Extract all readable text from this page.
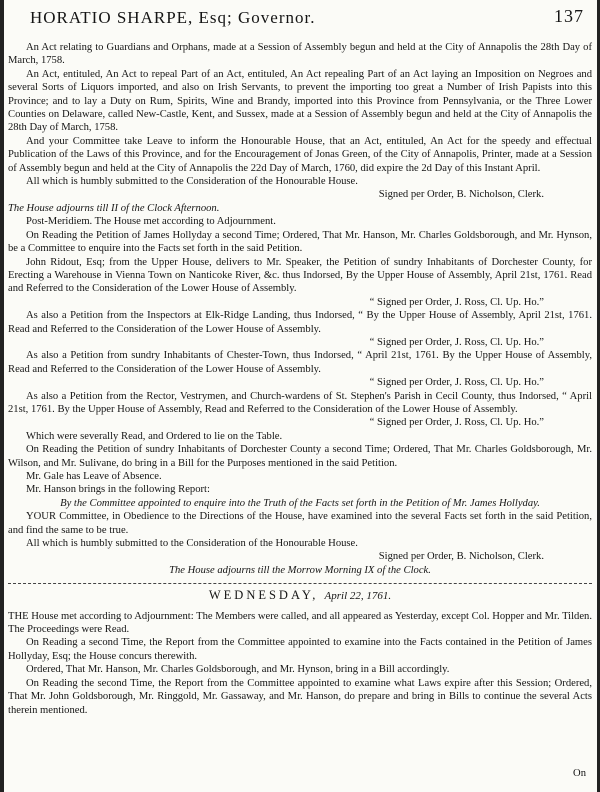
HORATIO SHARPE, Esq; Governor.	137

An Act relating to Guardians and Orphans, made at a Session of Assembly begun and held at the City of Annapolis the 28th Day of March, 1758.

An Act, entituled, An Act to repeal Part of an Act, entituled, An Act repealing Part of an Act laying an Imposition on Negroes and several Sorts of Liquors imported, and also on Irish Servants, to prevent the importing too great a Number of Irish Papists into this Province; and to lay a Duty on Rum, Spirits, Wine and Brandy, imported into this Province from Pennsylvania, or the Three Lower Counties on Delaware, called New-Castle, Kent, and Sussex, made at a Session of Assembly begun and held at the City of Annapolis the 28th Day of March, 1758.

And your Committee take Leave to inform the Honourable House, that an Act, entituled, An Act for the speedy and effectual Publication of the Laws of this Province, and for the Encouragement of Jonas Green, of the City of Annapolis, Printer, made at a Session of Assembly begun and held at the City of Annapolis the 22d Day of March, 1760, did expire the 2d Day of this Instant April.

All which is humbly submitted to the Consideration of the Honourable House.

Signed per Order, B. Nicholson, Clerk.

The House adjourns till II of the Clock Afternoon.

Post-Meridiem. The House met according to Adjournment.

On Reading the Petition of James Hollyday a second Time; Ordered, That Mr. Hanson, Mr. Charles Goldsborough, and Mr. Hynson, be a Committee to enquire into the Facts set forth in the said Petition.

John Ridout, Esq; from the Upper House, delivers to Mr. Speaker, the Petition of sundry Inhabitants of Dorchester County, for Erecting a Warehouse in Vienna Town on Nanticoke River, &c. thus Indorsed, By the Upper House of Assembly, April 21st, 1761. Read and Referred to the Consideration of the Lower House of Assembly.

“ Signed per Order, J. Ross, Cl. Up. Ho.”

As also a Petition from the Inspectors at Elk-Ridge Landing, thus Indorsed, “ By the Upper House of Assembly, April 21st, 1761. Read and Referred to the Consideration of the Lower House of Assembly.

“ Signed per Order, J. Ross, Cl. Up. Ho.”

As also a Petition from sundry Inhabitants of Chester-Town, thus Indorsed, “ April 21st, 1761. By the Upper House of Assembly, Read and Referred to the Consideration of the Lower House of Assembly.

“ Signed per Order, J. Ross, Cl. Up. Ho.”

As also a Petition from the Rector, Vestrymen, and Church-wardens of St. Stephen's Parish in Cecil County, thus Indorsed, “ April 21st, 1761. By the Upper House of Assembly, Read and Referred to the Consideration of the Lower House of Assembly.

“ Signed per Order, J. Ross, Cl. Up. Ho.”

Which were severally Read, and Ordered to lie on the Table.

On Reading the Petition of sundry Inhabitants of Dorchester County a second Time; Ordered, That Mr. Charles Goldsborough, Mr. Wilson, and Mr. Sulivane, do bring in a Bill for the Purposes mentioned in the said Petition.

Mr. Gale has Leave of Absence.

Mr. Hanson brings in the following Report:

By the Committee appointed to enquire into the Truth of the Facts set forth in the Petition of Mr. James Hollyday.

YOUR Committee, in Obedience to the Directions of the House, have examined into the several Facts set forth in the said Petition, and find the same to be true.

All which is humbly submitted to the Consideration of the Honourable House.

Signed per Order, B. Nicholson, Clerk.

The House adjourns till the Morrow Morning IX of the Clock.

WEDNESDAY, April 22, 1761.

THE House met according to Adjournment: The Members were called, and all appeared as Yesterday, except Col. Hopper and Mr. Tilden. The Proceedings were Read.

On Reading a second Time, the Report from the Committee appointed to examine into the Facts contained in the Petition of James Hollyday, Esq; the House concurs therewith.

Ordered, That Mr. Hanson, Mr. Charles Goldsborough, and Mr. Hynson, bring in a Bill accordingly.

On Reading the second Time, the Report from the Committee appointed to examine what Laws expire after this Session; Ordered, That Mr. John Goldsborough, Mr. Ringgold, Mr. Gassaway, and Mr. Hanson, do prepare and bring in Bills to continue the several Acts therein mentioned.

On
